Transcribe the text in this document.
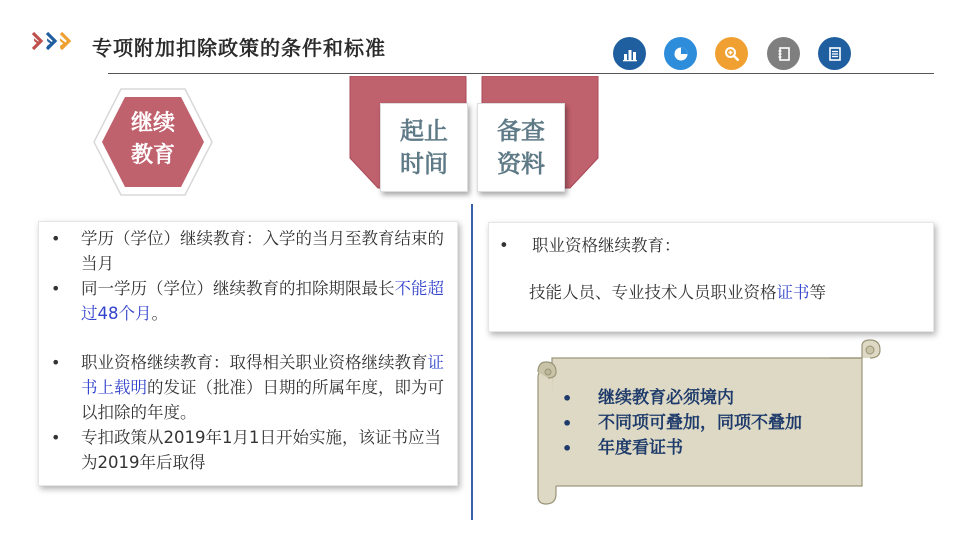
› › › 专项附加扣除政策的条件和标准
继续
教育
起止
时间
备查
资料
• 学历（学位）继续教育：入学的当月至教育结束的当月
• 同一学历（学位）继续教育的扣除期限最长不能超过48个月。
• 职业资格继续教育：取得相关职业资格继续教育证书上载明的发证（批准）日期的所属年度，即为可以扣除的年度。
• 专扣政策从2019年1月1日开始实施，该证书应当为2019年后取得
• 职业资格继续教育：
技能人员、专业技术人员职业资格证书等
• 继续教育必须境内
• 不同项可叠加，同项不叠加
• 年度看证书
